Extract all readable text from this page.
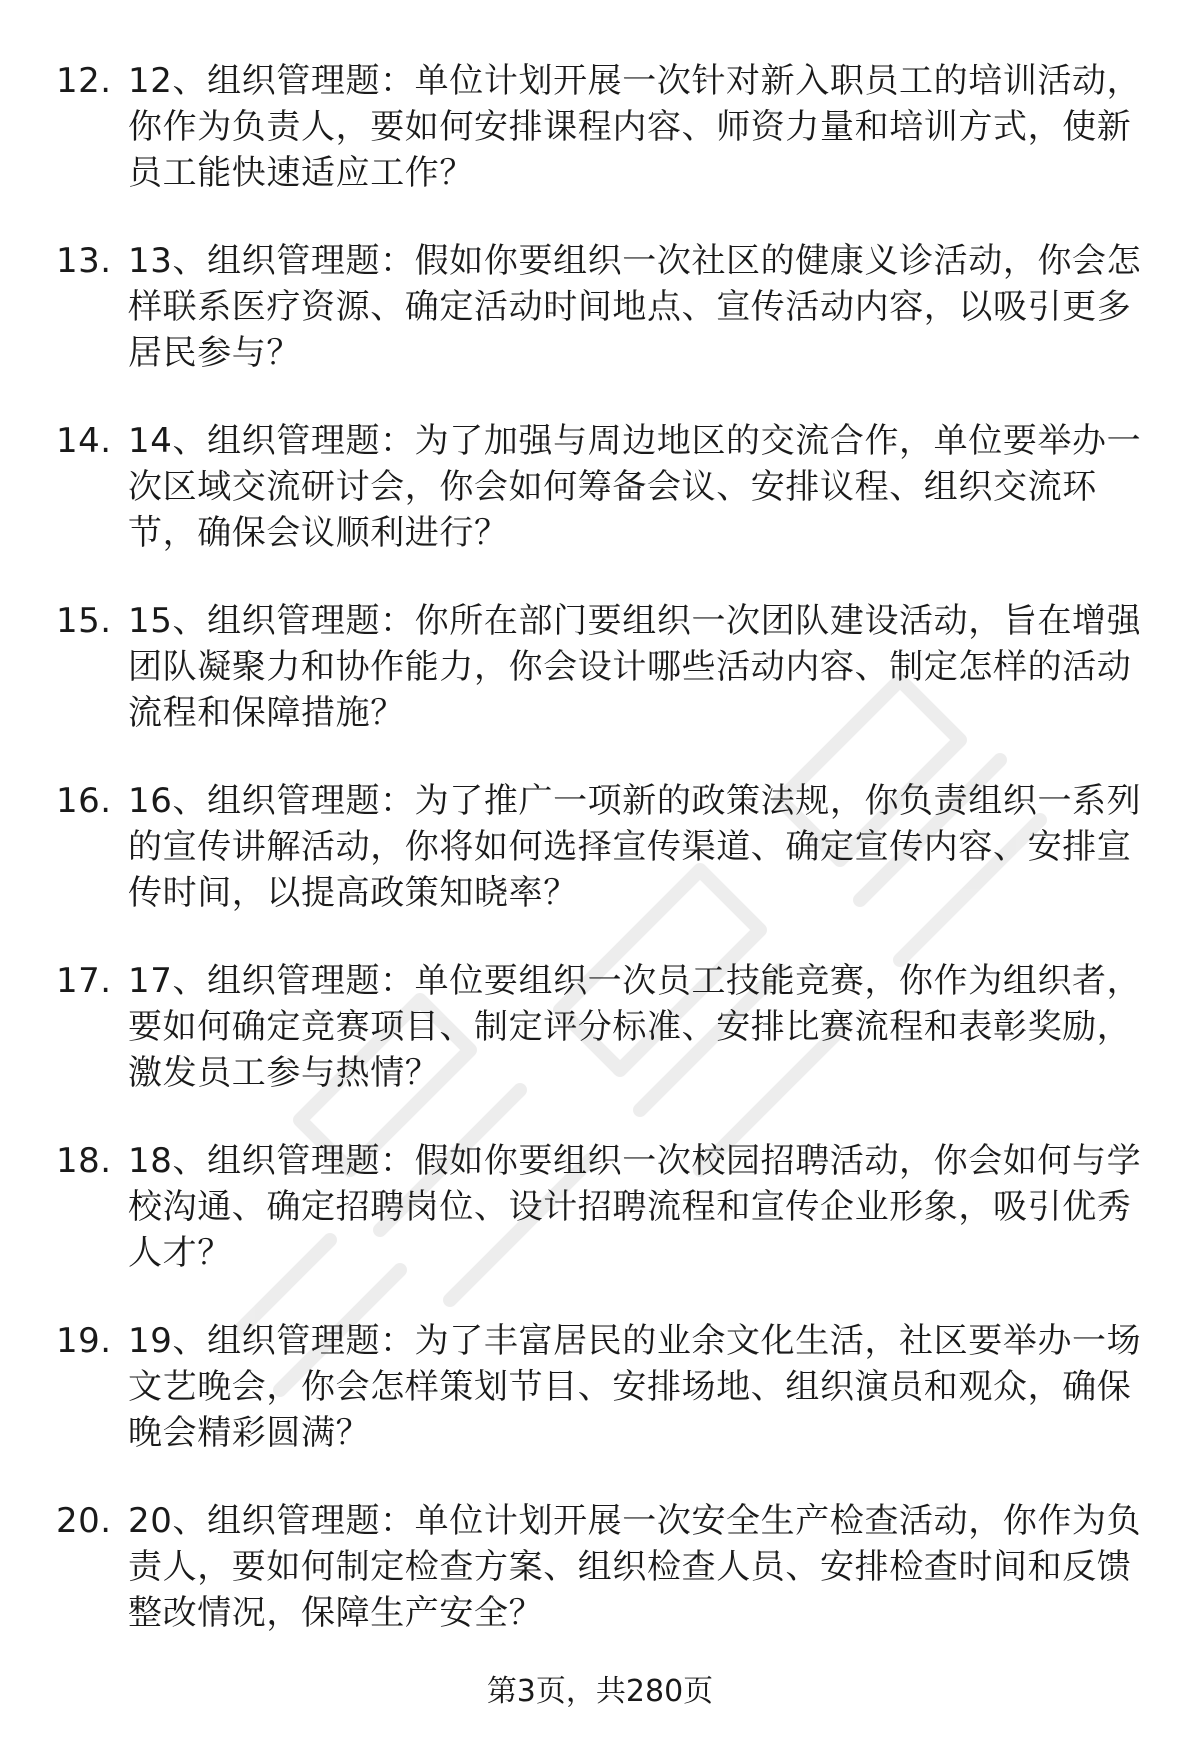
12. 12、组织管理题：单位计划开展一次针对新入职员工的培训活动，你作为负责人，要如何安排课程内容、师资力量和培训方式，使新员工能快速适应工作？
13. 13、组织管理题：假如你要组织一次社区的健康义诊活动，你会怎样联系医疗资源、确定活动时间地点、宣传活动内容，以吸引更多居民参与？
14. 14、组织管理题：为了加强与周边地区的交流合作，单位要举办一次区域交流研讨会，你会如何筹备会议、安排议程、组织交流环节，确保会议顺利进行？
15. 15、组织管理题：你所在部门要组织一次团队建设活动，旨在增强团队凝聚力和协作能力，你会设计哪些活动内容、制定怎样的活动流程和保障措施？
16. 16、组织管理题：为了推广一项新的政策法规，你负责组织一系列的宣传讲解活动，你将如何选择宣传渠道、确定宣传内容、安排宣传时间，以提高政策知晓率？
17. 17、组织管理题：单位要组织一次员工技能竞赛，你作为组织者，要如何确定竞赛项目、制定评分标准、安排比赛流程和表彰奖励，激发员工参与热情？
18. 18、组织管理题：假如你要组织一次校园招聘活动，你会如何与学校沟通、确定招聘岗位、设计招聘流程和宣传企业形象，吸引优秀人才？
19. 19、组织管理题：为了丰富居民的业余文化生活，社区要举办一场文艺晚会，你会怎样策划节目、安排场地、组织演员和观众，确保晚会精彩圆满？
20. 20、组织管理题：单位计划开展一次安全生产检查活动，你作为负责人，要如何制定检查方案、组织检查人员、安排检查时间和反馈整改情况，保障生产安全？
第3页，共280页
